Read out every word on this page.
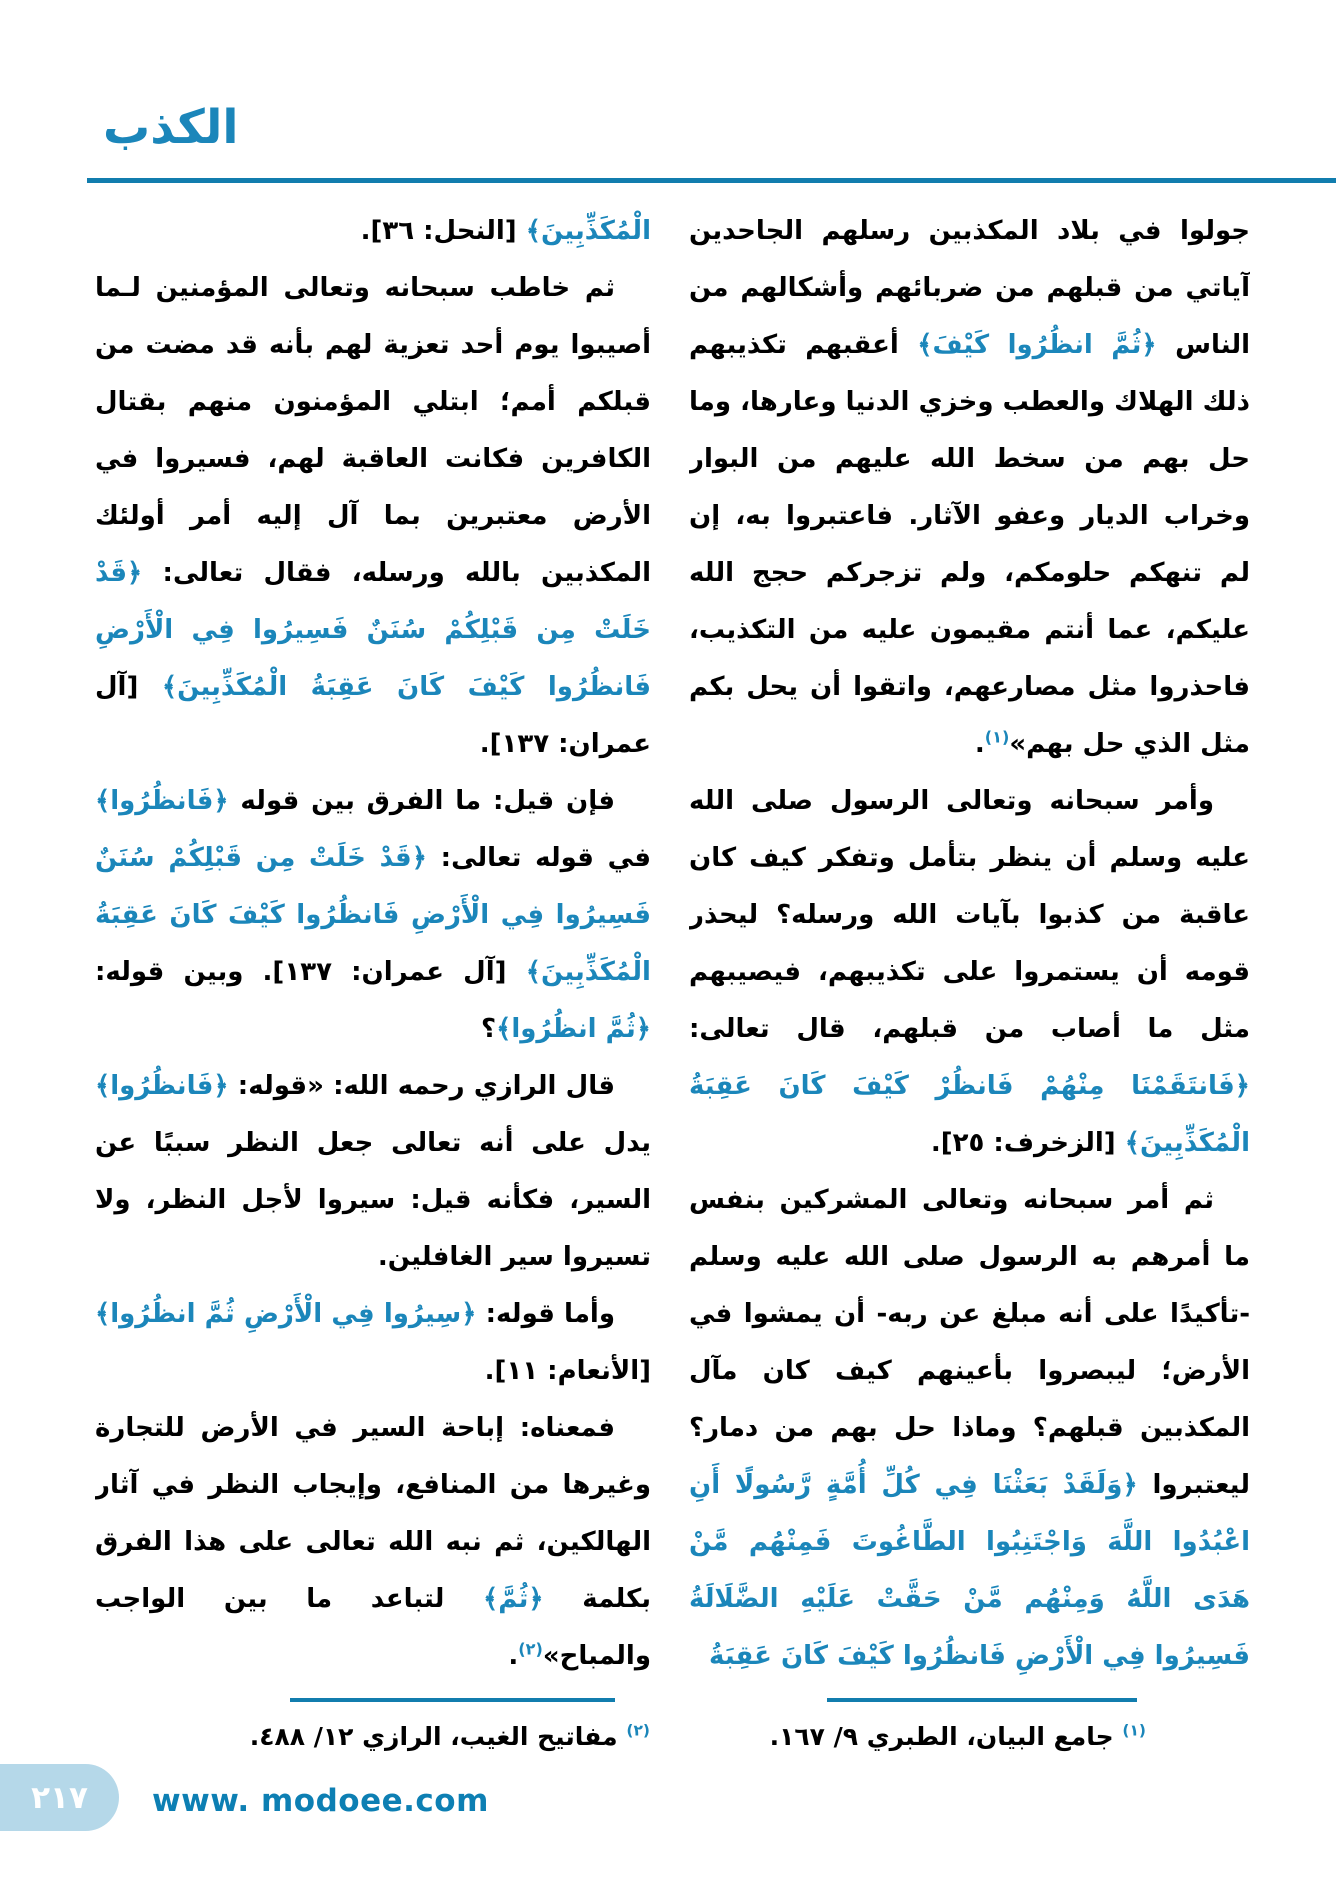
الكذب

جولوا في بلاد المكذبين رسلهم الجاحدين آياتي من قبلهم من ضربائهم وأشكالهم من الناس ﴿ثُمَّ انظُرُوا كَيْفَ﴾ أعقبهم تكذيبهم ذلك الهلاك والعطب وخزي الدنيا وعارها، وما حل بهم من سخط الله عليهم من البوار وخراب الديار وعفو الآثار. فاعتبروا به، إن لم تنهكم حلومكم، ولم تزجركم حجج الله عليكم، عما أنتم مقيمون عليه من التكذيب، فاحذروا مثل مصارعهم، واتقوا أن يحل بكم مثل الذي حل بهم»$^{(١)}$.

وأمر سبحانه وتعالى الرسول صلى الله عليه وسلم أن ينظر بتأمل وتفكر كيف كان عاقبة من كذبوا بآيات الله ورسله؟ ليحذر قومه أن يستمروا على تكذيبهم، فيصيبهم مثل ما أصاب من قبلهم، قال تعالى: ﴿فَانتَقَمْنَا مِنْهُمْ فَانظُرْ كَيْفَ كَانَ عَقِبَةُ الْمُكَذِّبِينَ﴾ [الزخرف: ٢٥].

ثم أمر سبحانه وتعالى المشركين بنفس ما أمرهم به الرسول صلى الله عليه وسلم -تأكيدًا على أنه مبلغ عن ربه- أن يمشوا في الأرض؛ ليبصروا بأعينهم كيف كان مآل المكذبين قبلهم؟ وماذا حل بهم من دمار؟ ليعتبروا ﴿وَلَقَدْ بَعَثْنَا فِي كُلِّ أُمَّةٍ رَّسُولًا أَنِ اعْبُدُوا اللَّهَ وَاجْتَنِبُوا الطَّاغُوتَ فَمِنْهُم مَّنْ هَدَى اللَّهُ وَمِنْهُم مَّنْ حَقَّتْ عَلَيْهِ الضَّلَالَةُ فَسِيرُوا فِي الْأَرْضِ فَانظُرُوا كَيْفَ كَانَ عَقِبَةُ

الْمُكَذِّبِينَ﴾ [النحل: ٣٦].

ثم خاطب سبحانه وتعالى المؤمنين لـما أصيبوا يوم أحد تعزية لهم بأنه قد مضت من قبلكم أمم؛ ابتلي المؤمنون منهم بقتال الكافرين فكانت العاقبة لهم، فسيروا في الأرض معتبرين بما آل إليه أمر أولئك المكذبين بالله ورسله، فقال تعالى: ﴿قَدْ خَلَتْ مِن قَبْلِكُمْ سُنَنٌ فَسِيرُوا فِي الْأَرْضِ فَانظُرُوا كَيْفَ كَانَ عَقِبَةُ الْمُكَذِّبِينَ﴾ [آل عمران: ١٣٧].

فإن قيل: ما الفرق بين قوله ﴿فَانظُرُوا﴾ في قوله تعالى: ﴿قَدْ خَلَتْ مِن قَبْلِكُمْ سُنَنٌ فَسِيرُوا فِي الْأَرْضِ فَانظُرُوا كَيْفَ كَانَ عَقِبَةُ الْمُكَذِّبِينَ﴾ [آل عمران: ١٣٧]. وبين قوله: ﴿ثُمَّ انظُرُوا﴾؟

قال الرازي رحمه الله: «قوله: ﴿فَانظُرُوا﴾ يدل على أنه تعالى جعل النظر سببًا عن السير، فكأنه قيل: سيروا لأجل النظر، ولا تسيروا سير الغافلين.

وأما قوله: ﴿سِيرُوا فِي الْأَرْضِ ثُمَّ انظُرُوا﴾ [الأنعام: ١١].

فمعناه: إباحة السير في الأرض للتجارة وغيرها من المنافع، وإيجاب النظر في آثار الهالكين، ثم نبه الله تعالى على هذا الفرق بكلمة ﴿ثُمَّ﴾ لتباعد ما بين الواجب والمباح»$^{(٢)}$.

$^{(١)}$ جامع البيان، الطبري ٩/ ١٦٧.
$^{(٢)}$ مفاتيح الغيب، الرازي ١٢/ ٤٨٨.
٢١٧ www. modoee.com
